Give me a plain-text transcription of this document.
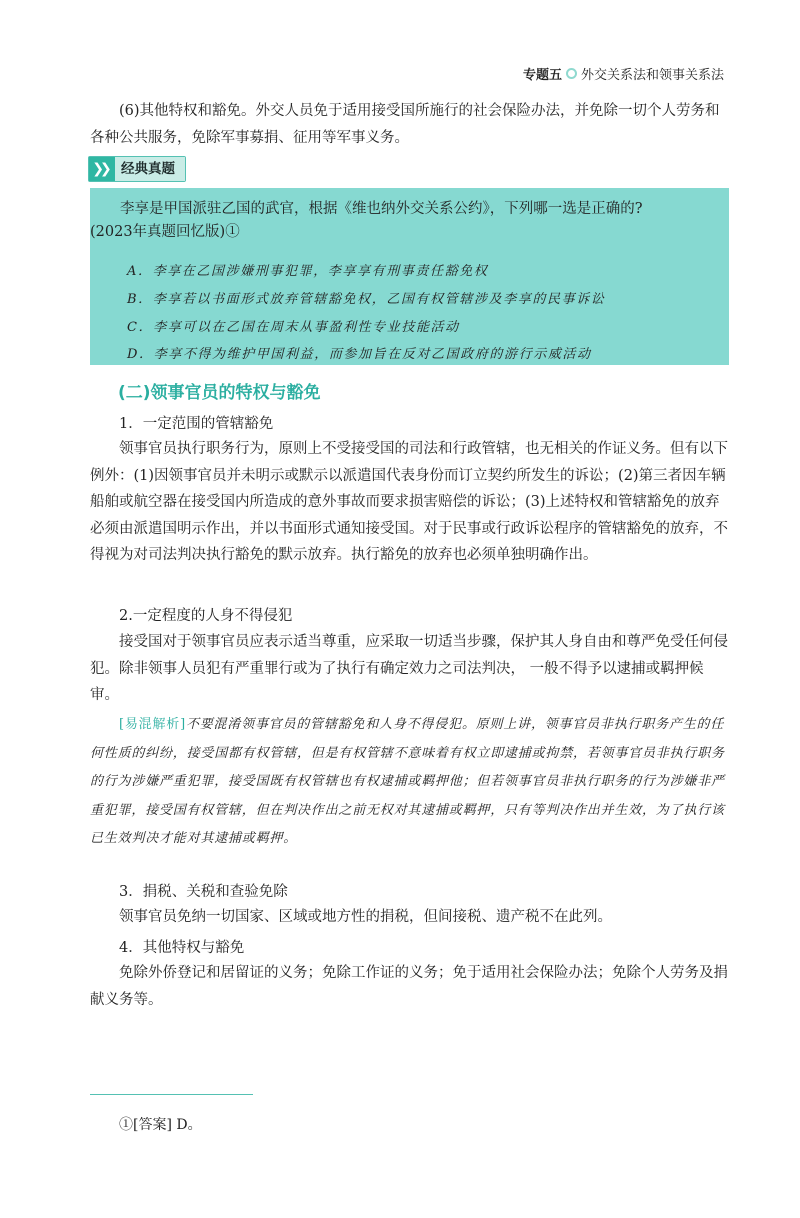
专题五 外交关系法和领事关系法

(6)其他特权和豁免。外交人员免于适用接受国所施行的社会保险办法，并免除一切个人劳务和各种公共服务，免除军事募捐、征用等军事义务。

❯❯ 经典真题
李享是甲国派驻乙国的武官，根据《维也纳外交关系公约》，下列哪一选是正确的?
(2023年真题回忆版)①
A．李享在乙国涉嫌刑事犯罪，李享享有刑事责任豁免权
B．李享若以书面形式放弃管辖豁免权，乙国有权管辖涉及李享的民事诉讼
C．李享可以在乙国在周末从事盈利性专业技能活动
D．李享不得为维护甲国利益，而参加旨在反对乙国政府的游行示威活动
(二)领事官员的特权与豁免
1．一定范围的管辖豁免

领事官员执行职务行为，原则上不受接受国的司法和行政管辖，也无相关的作证义务。但有以下例外：(1)因领事官员并未明示或默示以派遣国代表身份而订立契约所发生的诉讼；(2)第三者因车辆船舶或航空器在接受国内所造成的意外事故而要求损害赔偿的诉讼；(3)上述特权和管辖豁免的放弃必须由派遣国明示作出，并以书面形式通知接受国。对于民事或行政诉讼程序的管辖豁免的放弃，不得视为对司法判决执行豁免的默示放弃。执行豁免的放弃也必须单独明确作出。

2.一定程度的人身不得侵犯

接受国对于领事官员应表示适当尊重，应采取一切适当步骤，保护其人身自由和尊严免受任何侵犯。除非领事人员犯有严重罪行或为了执行有确定效力之司法判决， 一般不得予以逮捕或羁押候审。

[易混解析]不要混淆领事官员的管辖豁免和人身不得侵犯。原则上讲，领事官员非执行职务产生的任何性质的纠纷，接受国都有权管辖，但是有权管辖不意味着有权立即逮捕或拘禁，若领事官员非执行职务的行为涉嫌严重犯罪，接受国既有权管辖也有权逮捕或羁押他；但若领事官员非执行职务的行为涉嫌非严重犯罪，接受国有权管辖，但在判决作出之前无权对其逮捕或羁押，只有等判决作出并生效，为了执行该已生效判决才能对其逮捕或羁押。

3．捐税、关税和查验免除

领事官员免纳一切国家、区域或地方性的捐税，但间接税、遗产税不在此列。

4．其他特权与豁免

免除外侨登记和居留证的义务；免除工作证的义务；免于适用社会保险办法；免除个人劳务及捐献义务等。

①[答案] D。
